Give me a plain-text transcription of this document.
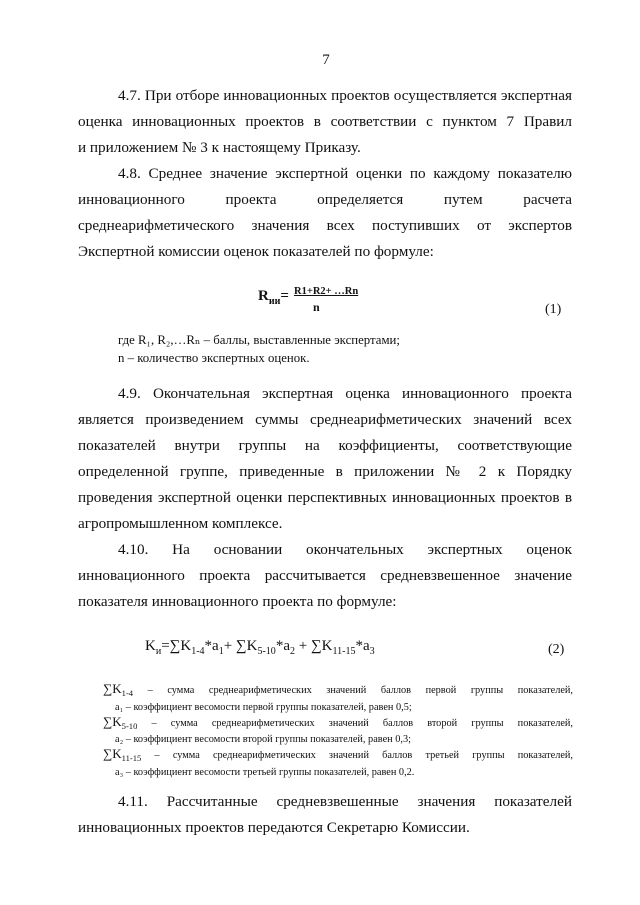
7
4.7. При отборе инновационных проектов осуществляется экспертная
оценка инновационных проектов в соответствии с пунктом 7 Правил
и приложением № 3 к настоящему Приказу.
4.8. Среднее значение экспертной оценки по каждому показателю
инновационного проекта определяется путем расчета
среднеарифметического значения всех поступивших от экспертов
Экспертной комиссии оценок показателей по формуле:
$R_{ии}= R1+R2+$ …Rn
n	(1)
где R₁, R₂,…Rₙ – баллы, выставленные экспертами;
n – количество экспертных оценок.
4.9. Окончательная экспертная оценка инновационного проекта
является произведением суммы среднеарифметических значений всех
показателей внутри группы на коэффициенты, соответствующие
определенной группе, приведенные в приложении № 2 к Порядку
проведения экспертной оценки перспективных инновационных проектов в
агропромышленном комплексе.
4.10. На основании окончательных экспертных оценок
инновационного проекта рассчитывается средневзвешенное значение
показателя инновационного проекта по формуле:
$K_и=\sum K_{1-4}*a_1+ \sum K_{5-10}*a_2 + \sum K_{11-15}*a_3$	(2)
$\sum K_{1-4}$ – сумма среднеарифметических значений баллов первой группы показателей,
a₁ – коэффициент весомости первой группы показателей, равен 0,5;
$\sum K_{5-10}$ – сумма среднеарифметических значений баллов второй группы показателей,
a₂ – коэффициент весомости второй группы показателей, равен 0,3;
$\sum K_{11-15}$ – сумма среднеарифметических значений баллов третьей группы показателей,
a₃ – коэффициент весомости третьей группы показателей, равен 0,2.
4.11. Рассчитанные средневзвешенные значения показателей
инновационных проектов передаются Секретарю Комиссии.
